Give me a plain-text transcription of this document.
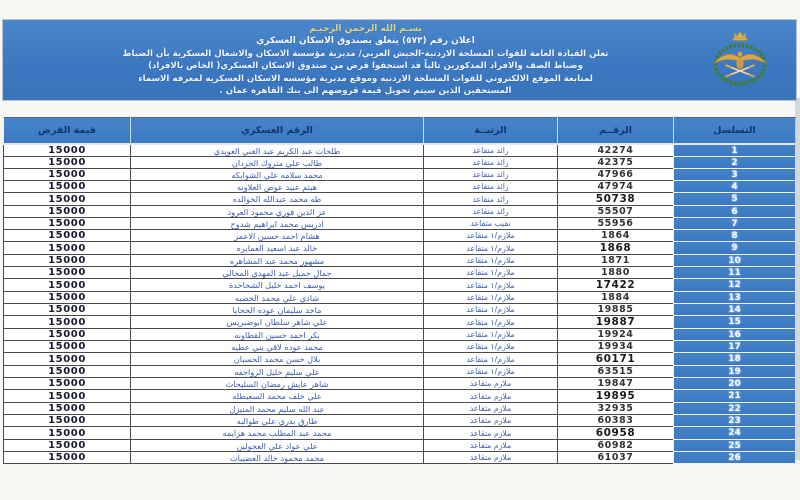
بسـم الله الرحمن الرحيـم
اعلان رقم (٥٧٣) يتعلق بصندوق الاسكان العسكري
تعلن القيادة العامة للقوات المسلحة الاردنية-الجيش العربي/ مديرية مؤسسة الاسكان والاشغال العسكرية بأن الضباط
وضباط الصف والافراد المذكورين تالياً قد استحقوا قرض من صندوق الاسكان العسكري( الخاص بالافراد)
لمتابعة الموقع الالكتروني للقوات المسلحة الاردنيه وموقع مديرية مؤسسه الاسكان العسكريه لمعرفه الاسماء
المستحقين الذين سيتم تحويل قيمة قروضهم الى بنك القاهره عمان .
التسلسل	الرقــم	الرتبــة	الرقم العسكري	قيمة القرض
1	42274	رائد متقاعد	طلحات عبد الكريم عبد الغني العويدي	15000
2	42375	رائد متقاعد	طالب علي متروك الحردان	15000
3	47966	رائد متقاعد	محمد سلامه علي الشوابكه	15000
4	47974	رائد متقاعد	هيثم عبيد عوض العلاونه	15000
5	50738	رائد متقاعد	طه محمد عبدالله الخوالده	15000
6	55507	رائد متقاعد	عز الدين فوزي محمود العرود	15000
7	55956	نقيب متقاعد	ادريس محمد ابراهيم شدوح	15000
8	1864	ملازم/١ متقاعد	هشام احمد حسين الاعمر	15000
9	1868	ملازم/١ متقاعد	خالد عبد اسعيد العمايره	15000
10	1871	ملازم/١ متقاعد	مشهور محمد عبد المشاهره	15000
11	1880	ملازم/١ متقاعد	جمال جميل عبد المهدي المجالي	15000
12	17422	ملازم/١ متقاعد	يوسف احمد خليل الشحاحدة	15000
13	1884	ملازم/١ متقاعد	شادي علي محمد الخصبه	15000
14	19885	ملازم/١ متقاعد	ماجد سليمان عوده الحجايا	15000
15	19887	ملازم/١ متقاعد	علي شاهر سلطان ابوضبريس	15000
16	19924	ملازم/١ متقاعد	بكر احمد حسين القطاونه	15000
17	19934	ملازم/١ متقاعد	محمد عوده لافي بني عطيه	15000
18	60171	ملازم/١ متقاعد	بلال حسن محمد الحسبان	15000
19	63515	ملازم/١ متقاعد	علي سليم خليل الرواجفه	15000
20	19847	ملازم متقاعد	شاهر عايش رمضان السليحات	15000
21	19895	ملازم متقاعد	علي خلف محمد السعيطله	15000
22	32935	ملازم متقاعد	عبد الله سليم محمد المنيزل	15000
23	60383	ملازم متقاعد	طارق بدري علي طوالبه	15000
24	60958	ملازم متقاعد	محمد عبد المطلب محمد هزايمه	15000
25	60982	ملازم متقاعد	علي عواد علي العجولين	15000
26	61037	ملازم متقاعد	محمد محمود خالد العضيبات	15000
